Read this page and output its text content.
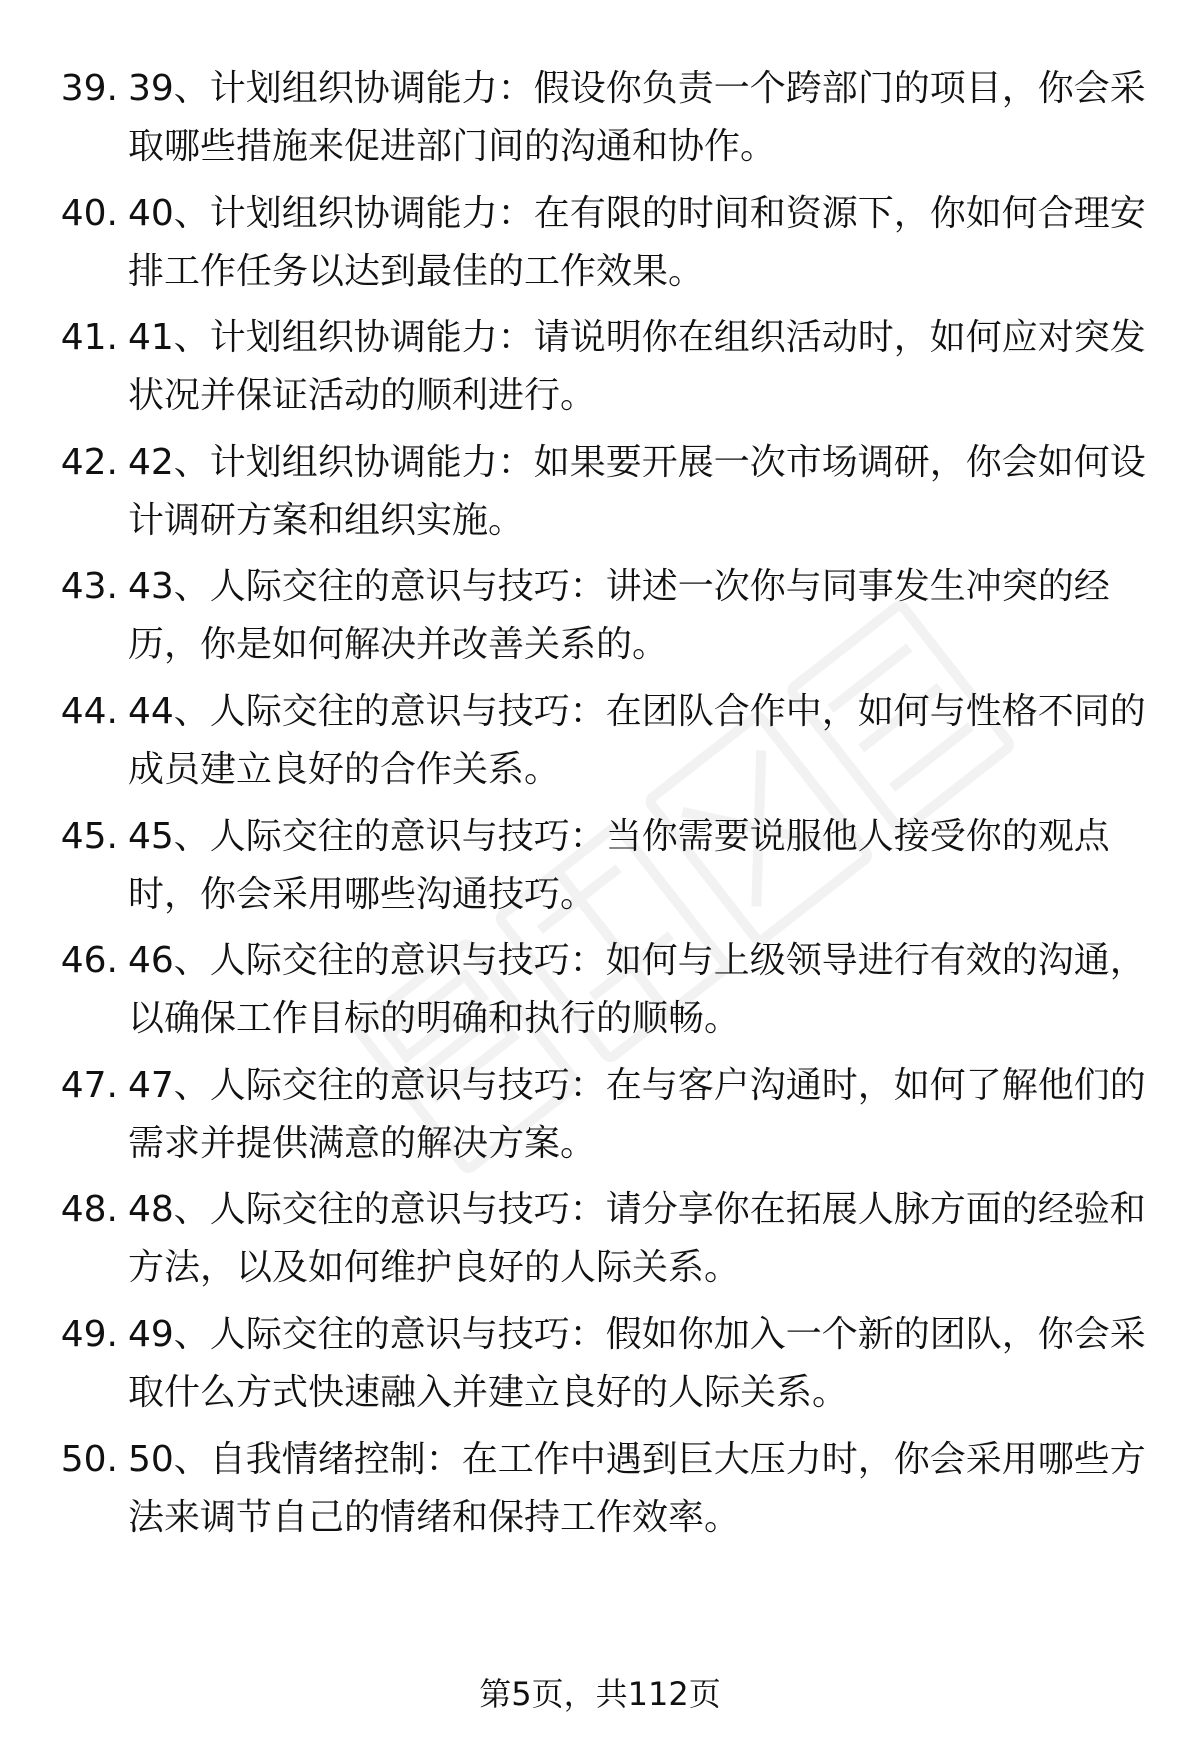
39. 39、计划组织协调能力：假设你负责一个跨部门的项目，你会采取哪些措施来促进部门间的沟通和协作。
40. 40、计划组织协调能力：在有限的时间和资源下，你如何合理安排工作任务以达到最佳的工作效果。
41. 41、计划组织协调能力：请说明你在组织活动时，如何应对突发状况并保证活动的顺利进行。
42. 42、计划组织协调能力：如果要开展一次市场调研，你会如何设计调研方案和组织实施。
43. 43、人际交往的意识与技巧：讲述一次你与同事发生冲突的经历，你是如何解决并改善关系的。
44. 44、人际交往的意识与技巧：在团队合作中，如何与性格不同的成员建立良好的合作关系。
45. 45、人际交往的意识与技巧：当你需要说服他人接受你的观点时，你会采用哪些沟通技巧。
46. 46、人际交往的意识与技巧：如何与上级领导进行有效的沟通，以确保工作目标的明确和执行的顺畅。
47. 47、人际交往的意识与技巧：在与客户沟通时，如何了解他们的需求并提供满意的解决方案。
48. 48、人际交往的意识与技巧：请分享你在拓展人脉方面的经验和方法，以及如何维护良好的人际关系。
49. 49、人际交往的意识与技巧：假如你加入一个新的团队，你会采取什么方式快速融入并建立良好的人际关系。
50. 50、自我情绪控制：在工作中遇到巨大压力时，你会采用哪些方法来调节自己的情绪和保持工作效率。
第5页，共112页
